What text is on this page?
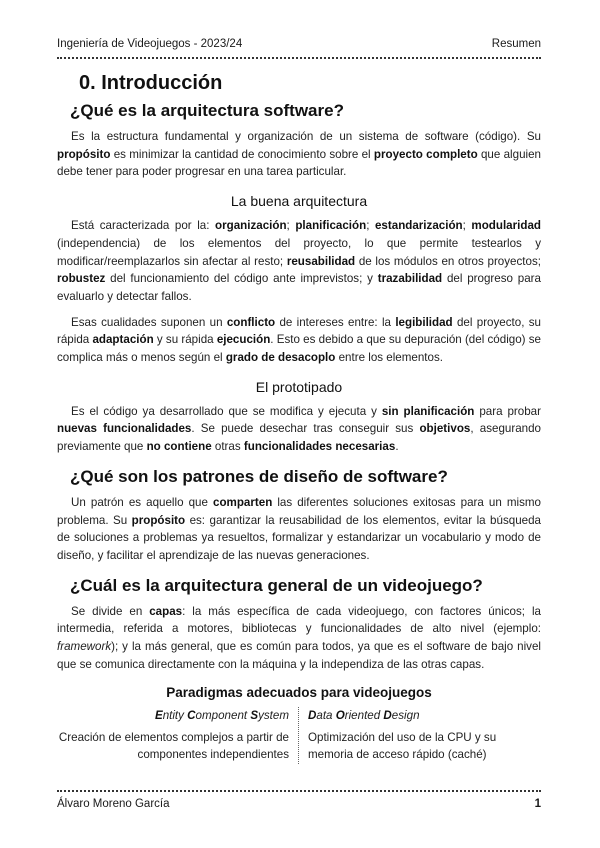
Ingeniería de Videojuegos - 2023/24	Resumen
0. Introducción
¿Qué es la arquitectura software?

Es la estructura fundamental y organización de un sistema de software (código). Su propósito es minimizar la cantidad de conocimiento sobre el proyecto completo que alguien debe tener para poder progresar en una tarea particular.

La buena arquitectura

Está caracterizada por la: organización; planificación; estandarización; modularidad (independencia) de los elementos del proyecto, lo que permite testearlos y modificar/reemplazarlos sin afectar al resto; reusabilidad de los módulos en otros proyectos; robustez del funcionamiento del código ante imprevistos; y trazabilidad del progreso para evaluarlo y detectar fallos.

Esas cualidades suponen un conflicto de intereses entre: la legibilidad del proyecto, su rápida adaptación y su rápida ejecución. Esto es debido a que su depuración (del código) se complica más o menos según el grado de desacoplo entre los elementos.

El prototipado

Es el código ya desarrollado que se modifica y ejecuta y sin planificación para probar nuevas funcionalidades. Se puede desechar tras conseguir sus objetivos, asegurando previamente que no contiene otras funcionalidades necesarias.

¿Qué son los patrones de diseño de software?

Un patrón es aquello que comparten las diferentes soluciones exitosas para un mismo problema. Su propósito es: garantizar la reusabilidad de los elementos, evitar la búsqueda de soluciones a problemas ya resueltos, formalizar y estandarizar un vocabulario y modo de diseño, y facilitar el aprendizaje de las nuevas generaciones.

¿Cuál es la arquitectura general de un videojuego?

Se divide en capas: la más específica de cada videojuego, con factores únicos; la intermedia, referida a motores, bibliotecas y funcionalidades de alto nivel (ejemplo: framework); y la más general, que es común para todos, ya que es el software de bajo nivel que se comunica directamente con la máquina y la independiza de las otras capas.

Paradigmas adecuados para videojuegos
Entity Component System
Creación de elementos complejos a partir de componentes independientes
Data Oriented Design
Optimización del uso de la CPU y su memoria de acceso rápido (caché)
Álvaro Moreno García	1
